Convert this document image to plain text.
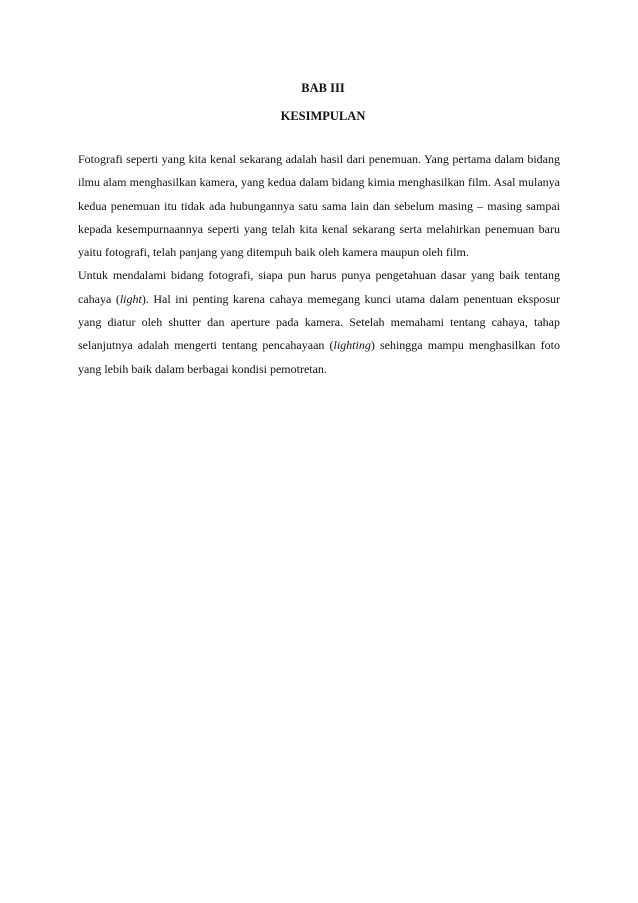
BAB III
KESIMPULAN

Fotografi seperti yang kita kenal sekarang adalah hasil dari penemuan. Yang pertama dalam bidang ilmu alam menghasilkan kamera, yang kedua dalam bidang kimia menghasilkan film. Asal mulanya kedua penemuan itu tidak ada hubungannya satu sama lain dan sebelum masing – masing sampai kepada kesempurnaannya seperti yang telah kita kenal sekarang serta melahirkan penemuan baru yaitu fotografi, telah panjang yang ditempuh baik oleh kamera maupun oleh film.

Untuk mendalami bidang fotografi, siapa pun harus punya pengetahuan dasar yang baik tentang cahaya (light). Hal ini penting karena cahaya memegang kunci utama dalam penentuan eksposur yang diatur oleh shutter dan aperture pada kamera. Setelah memahami tentang cahaya, tahap selanjutnya adalah mengerti tentang pencahayaan (lighting) sehingga mampu menghasilkan foto yang lebih baik dalam berbagai kondisi pemotretan.
